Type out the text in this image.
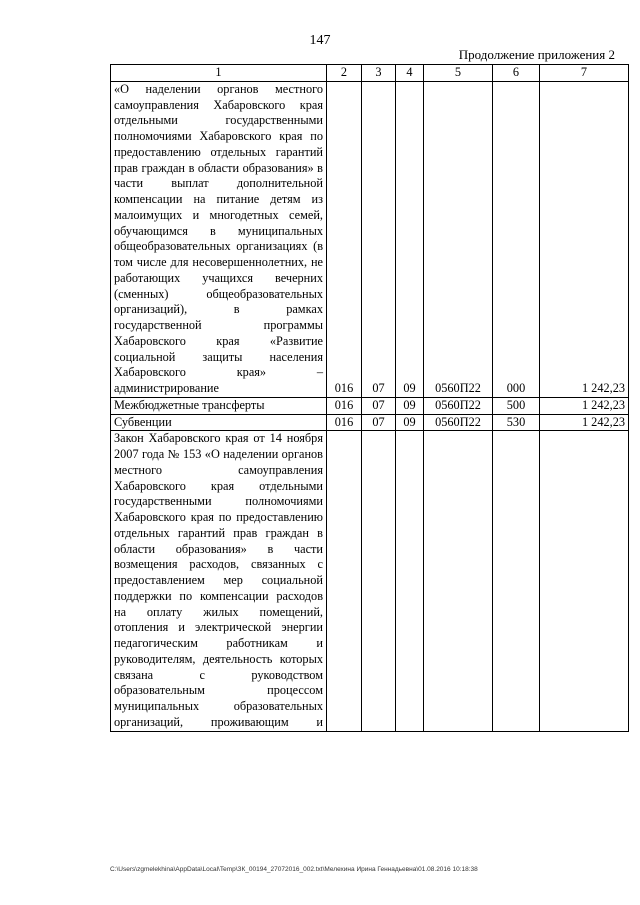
147
Продолжение приложения 2
1	2	3	4	5	6	7

«О наделении органов местного самоуправления Хабаровского края отдельными государственными полномочиями Хабаровского края по предоставлению отдельных гарантий прав граждан в области образования» в части выплат дополнительной компенсации на питание детям из малоимущих и многодетных семей, обучающимся в муниципальных общеобразовательных организациях (в том числе для несовершеннолетних, не работающих учащихся вечерних (сменных) общеобразовательных организаций), в рамках государственной программы Хабаровского края «Развитие социальной защиты населения Хабаровского края» –
администрирование	016	07	09	0560П22	000	1 242,23
Межбюджетные трансферты	016	07	09	0560П22	500	1 242,23
Субвенции	016	07	09	0560П22	530	1 242,23

Закон Хабаровского края от 14 ноября 2007 года № 153 «О наделении органов местного самоуправления Хабаровского края отдельными государственными полномочиями Хабаровского края по предоставлению отдельных гарантий прав граждан в области образования» в части возмещения расходов, связанных с предоставлением мер социальной поддержки по компенсации расходов на оплату жилых помещений, отопления и электрической энергии педагогическим работникам и руководителям, деятельность которых связана с руководством образовательным процессом муниципальных образовательных организаций, проживающим и						

C:\Users\zgmelekhina\AppData\Local\Temp\ЗК_00194_27072016_002.txt\Мелехина Ирина Геннадьевна\01.08.2016 10:18:38
